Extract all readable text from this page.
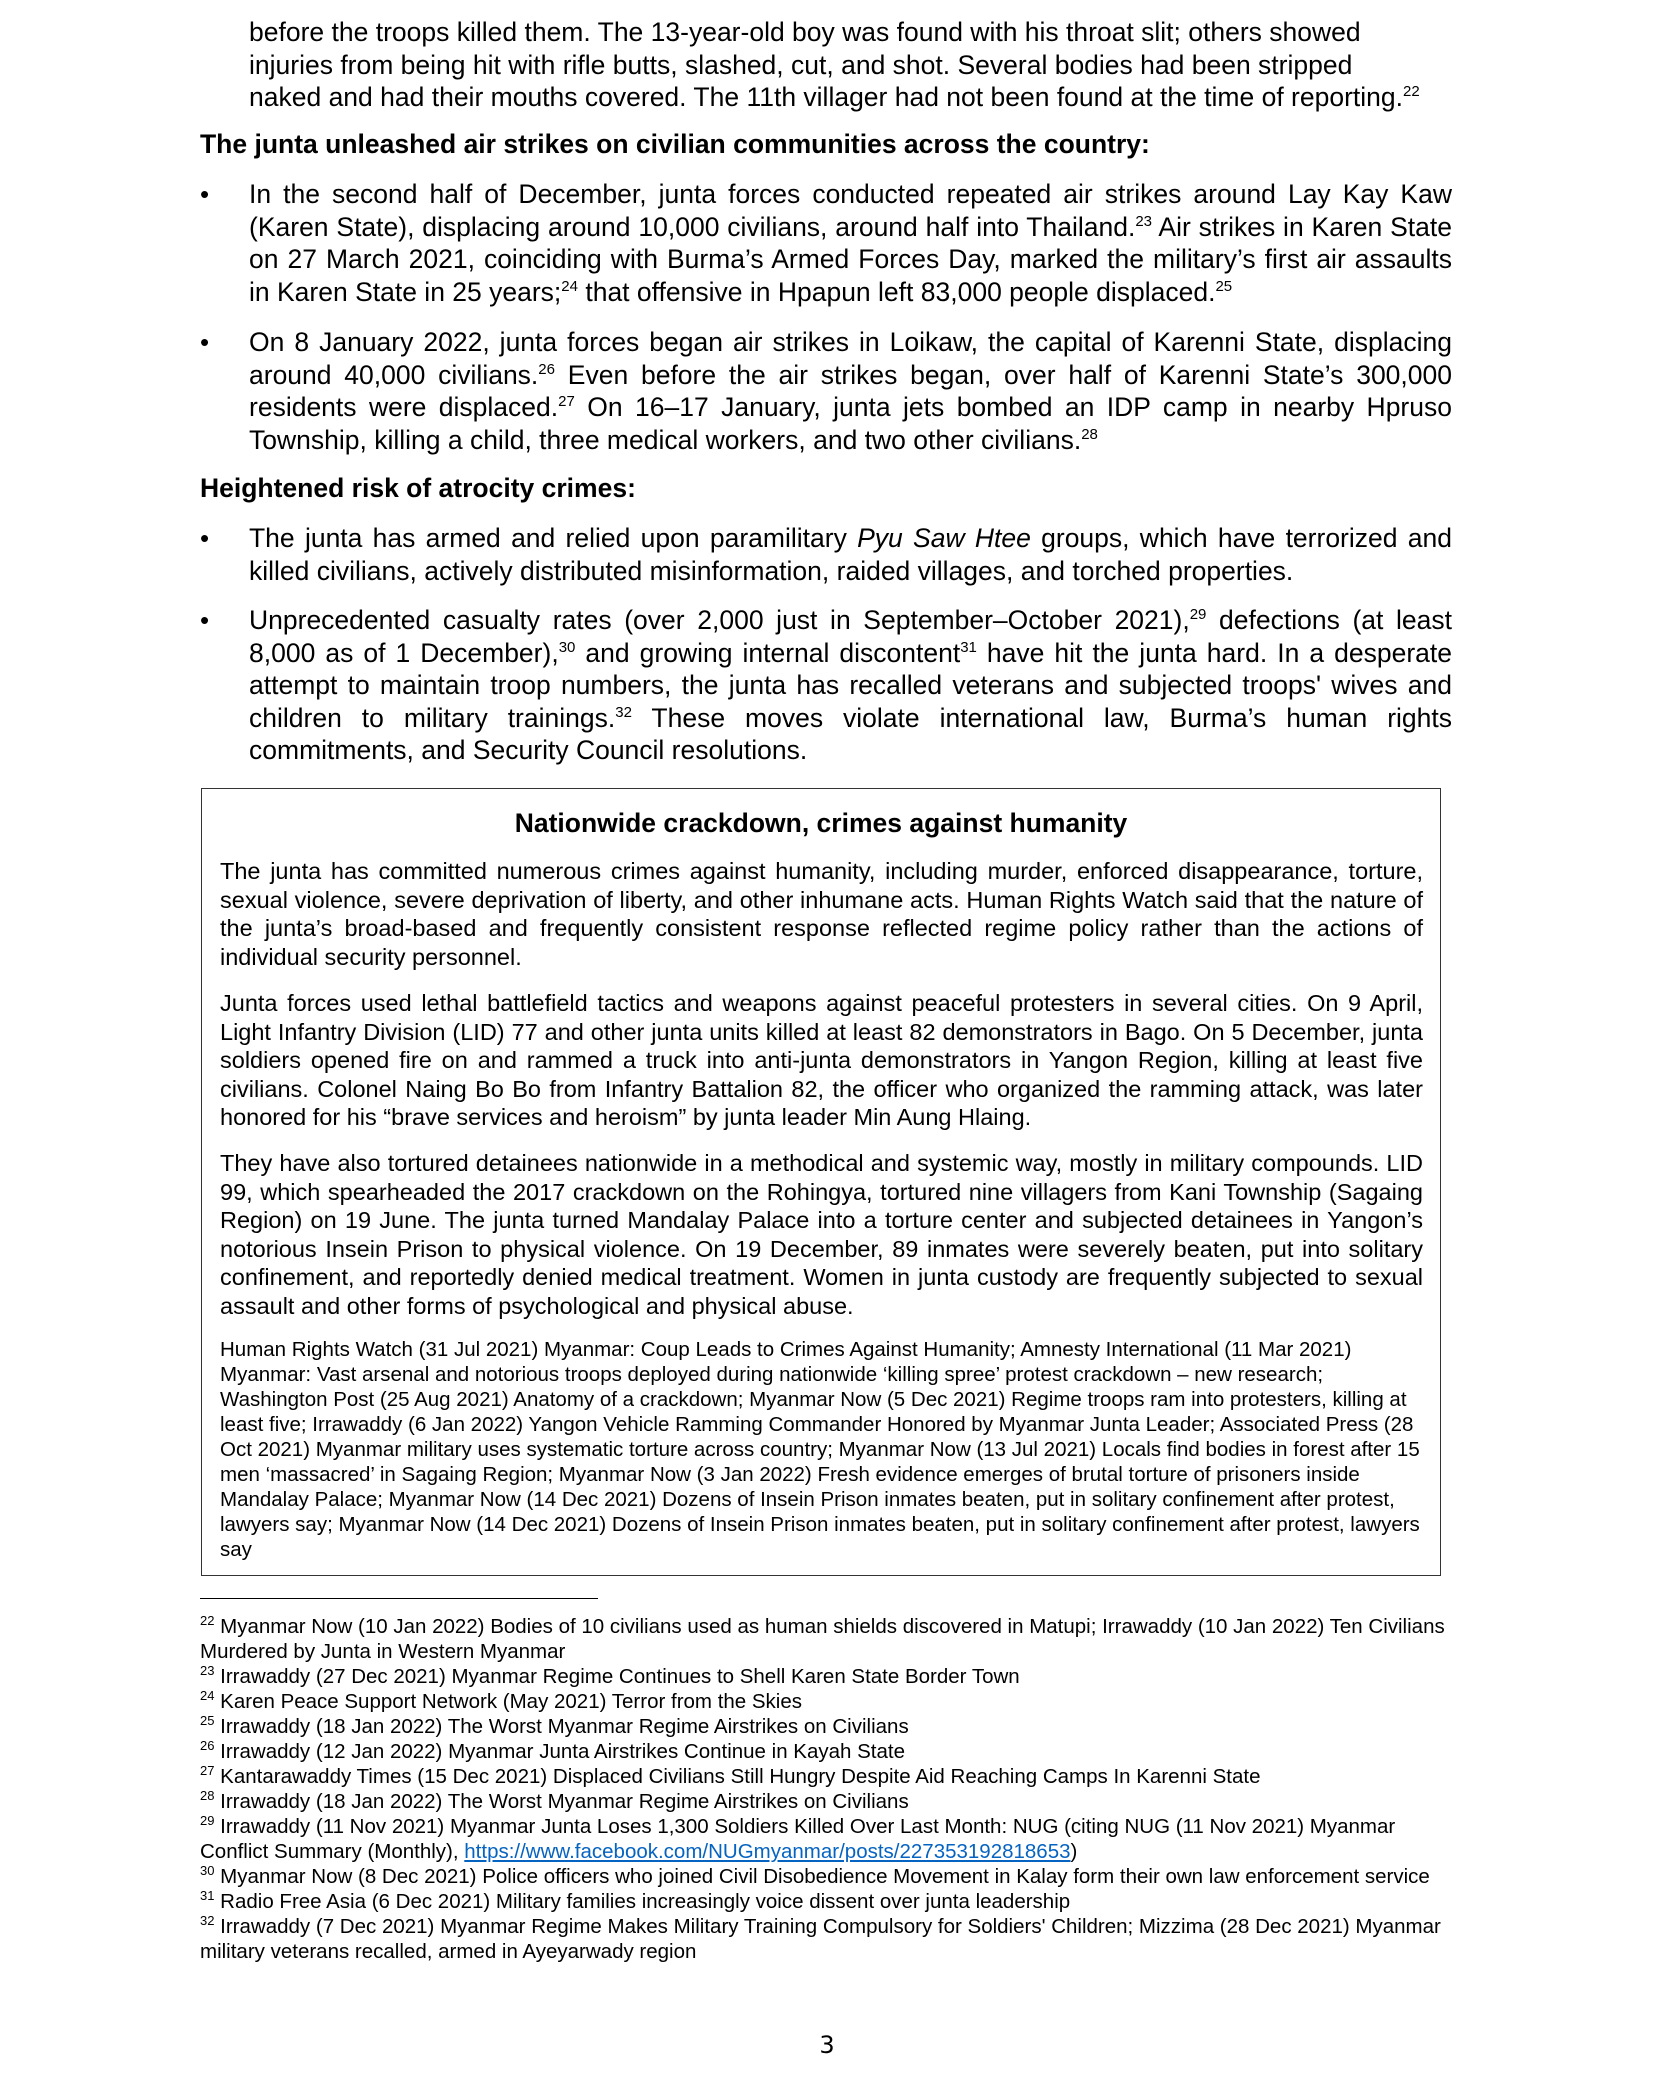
before the troops killed them. The 13-year-old boy was found with his throat slit; others showed
injuries from being hit with rifle butts, slashed, cut, and shot. Several bodies had been stripped
naked and had their mouths covered. The 11th villager had not been found at the time of reporting.$^{22}$
The junta unleashed air strikes on civilian communities across the country:
• In the second half of December, junta forces conducted repeated air strikes around Lay Kay Kaw (Karen State), displacing around 10,000 civilians, around half into Thailand.$^{23}$ Air strikes in Karen State on 27 March 2021, coinciding with Burma’s Armed Forces Day, marked the military’s first air assaults in Karen State in 25 years;$^{24}$ that offensive in Hpapun left 83,000 people displaced.$^{25}$
• On 8 January 2022, junta forces began air strikes in Loikaw, the capital of Karenni State, displacing around 40,000 civilians.$^{26}$ Even before the air strikes began, over half of Karenni State’s 300,000 residents were displaced.$^{27}$ On 16–17 January, junta jets bombed an IDP camp in nearby Hpruso Township, killing a child, three medical workers, and two other civilians.$^{28}$
Heightened risk of atrocity crimes:
• The junta has armed and relied upon paramilitary Pyu Saw Htee groups, which have terrorized and killed civilians, actively distributed misinformation, raided villages, and torched properties.
• Unprecedented casualty rates (over 2,000 just in September–October 2021),$^{29}$ defections (at least 8,000 as of 1 December),$^{30}$ and growing internal discontent$^{31}$ have hit the junta hard. In a desperate attempt to maintain troop numbers, the junta has recalled veterans and subjected troops' wives and children to military trainings.$^{32}$ These moves violate international law, Burma’s human rights commitments, and Security Council resolutions.
Nationwide crackdown, crimes against humanity
The junta has committed numerous crimes against humanity, including murder, enforced disappearance, torture, sexual violence, severe deprivation of liberty, and other inhumane acts. Human Rights Watch said that the nature of the junta’s broad-based and frequently consistent response reflected regime policy rather than the actions of individual security personnel.
Junta forces used lethal battlefield tactics and weapons against peaceful protesters in several cities. On 9 April, Light Infantry Division (LID) 77 and other junta units killed at least 82 demonstrators in Bago. On 5 December, junta soldiers opened fire on and rammed a truck into anti-junta demonstrators in Yangon Region, killing at least five civilians. Colonel Naing Bo Bo from Infantry Battalion 82, the officer who organized the ramming attack, was later honored for his “brave services and heroism” by junta leader Min Aung Hlaing.
They have also tortured detainees nationwide in a methodical and systemic way, mostly in military compounds. LID 99, which spearheaded the 2017 crackdown on the Rohingya, tortured nine villagers from Kani Township (Sagaing Region) on 19 June. The junta turned Mandalay Palace into a torture center and subjected detainees in Yangon’s notorious Insein Prison to physical violence. On 19 December, 89 inmates were severely beaten, put into solitary confinement, and reportedly denied medical treatment. Women in junta custody are frequently subjected to sexual assault and other forms of psychological and physical abuse.
Human Rights Watch (31 Jul 2021) Myanmar: Coup Leads to Crimes Against Humanity; Amnesty International (11 Mar 2021) Myanmar: Vast arsenal and notorious troops deployed during nationwide ‘killing spree’ protest crackdown – new research; Washington Post (25 Aug 2021) Anatomy of a crackdown; Myanmar Now (5 Dec 2021) Regime troops ram into protesters, killing at least five; Irrawaddy (6 Jan 2022) Yangon Vehicle Ramming Commander Honored by Myanmar Junta Leader; Associated Press (28 Oct 2021) Myanmar military uses systematic torture across country; Myanmar Now (13 Jul 2021) Locals find bodies in forest after 15 men ‘massacred’ in Sagaing Region; Myanmar Now (3 Jan 2022) Fresh evidence emerges of brutal torture of prisoners inside Mandalay Palace; Myanmar Now (14 Dec 2021) Dozens of Insein Prison inmates beaten, put in solitary confinement after protest, lawyers say; Myanmar Now (14 Dec 2021) Dozens of Insein Prison inmates beaten, put in solitary confinement after protest, lawyers say

$^{22}$ Myanmar Now (10 Jan 2022) Bodies of 10 civilians used as human shields discovered in Matupi; Irrawaddy (10 Jan 2022) Ten Civilians Murdered by Junta in Western Myanmar

$^{23}$ Irrawaddy (27 Dec 2021) Myanmar Regime Continues to Shell Karen State Border Town

$^{24}$ Karen Peace Support Network (May 2021) Terror from the Skies

$^{25}$ Irrawaddy (18 Jan 2022) The Worst Myanmar Regime Airstrikes on Civilians

$^{26}$ Irrawaddy (12 Jan 2022) Myanmar Junta Airstrikes Continue in Kayah State

$^{27}$ Kantarawaddy Times (15 Dec 2021) Displaced Civilians Still Hungry Despite Aid Reaching Camps In Karenni State

$^{28}$ Irrawaddy (18 Jan 2022) The Worst Myanmar Regime Airstrikes on Civilians

$^{29}$ Irrawaddy (11 Nov 2021) Myanmar Junta Loses 1,300 Soldiers Killed Over Last Month: NUG (citing NUG (11 Nov 2021) Myanmar Conflict Summary (Monthly), https://www.facebook.com/NUGmyanmar/posts/227353192818653)

$^{30}$ Myanmar Now (8 Dec 2021) Police officers who joined Civil Disobedience Movement in Kalay form their own law enforcement service

$^{31}$ Radio Free Asia (6 Dec 2021) Military families increasingly voice dissent over junta leadership

$^{32}$ Irrawaddy (7 Dec 2021) Myanmar Regime Makes Military Training Compulsory for Soldiers' Children; Mizzima (28 Dec 2021) Myanmar military veterans recalled, armed in Ayeyarwady region

3
